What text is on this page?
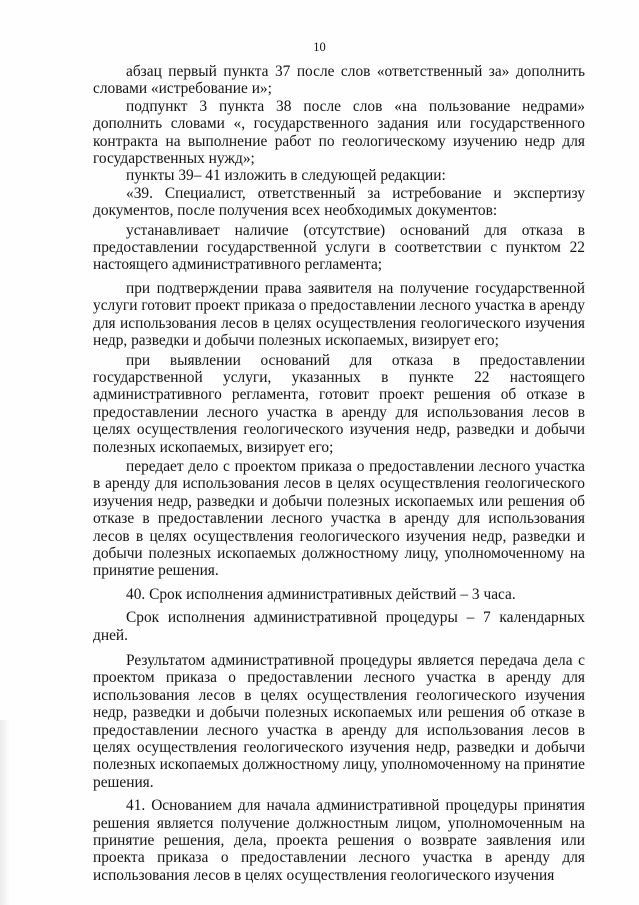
10

абзац первый пункта 37 после слов «ответственный за» дополнить словами «истребование и»;

подпункт 3 пункта 38 после слов «на пользование недрами» дополнить словами «, государственного задания или государственного контракта на выполнение работ по геологическому изучению недр для государственных нужд»;

пункты 39– 41 изложить в следующей редакции:

«39. Специалист, ответственный за истребование и экспертизу документов, после получения всех необходимых документов:

устанавливает наличие (отсутствие) оснований для отказа в предоставлении государственной услуги в соответствии с пунктом 22 настоящего административного регламента;

при подтверждении права заявителя на получение государственной услуги готовит проект приказа о предоставлении лесного участка в аренду для использования лесов в целях осуществления геологического изучения недр, разведки и добычи полезных ископаемых, визирует его;

при выявлении оснований для отказа в предоставлении государственной услуги, указанных в пункте 22 настоящего административного регламента, готовит проект решения об отказе в предоставлении лесного участка в аренду для использования лесов в целях осуществления геологического изучения недр, разведки и добычи полезных ископаемых, визирует его;

передает дело с проектом приказа о предоставлении лесного участка в аренду для использования лесов в целях осуществления геологического изучения недр, разведки и добычи полезных ископаемых или решения об отказе в предоставлении лесного участка в аренду для использования лесов в целях осуществления геологического изучения недр, разведки и добычи полезных ископаемых должностному лицу, уполномоченному на принятие решения.

40. Срок исполнения административных действий – 3 часа.

Срок исполнения административной процедуры – 7 календарных дней.

Результатом административной процедуры является передача дела с проектом приказа о предоставлении лесного участка в аренду для использования лесов в целях осуществления геологического изучения недр, разведки и добычи полезных ископаемых или решения об отказе в предоставлении лесного участка в аренду для использования лесов в целях осуществления геологического изучения недр, разведки и добычи полезных ископаемых должностному лицу, уполномоченному на принятие решения.

41. Основанием для начала административной процедуры принятия решения является получение должностным лицом, уполномоченным на принятие решения, дела, проекта решения о возврате заявления или проекта приказа о предоставлении лесного участка в аренду для использования лесов в целях осуществления геологического изучения
